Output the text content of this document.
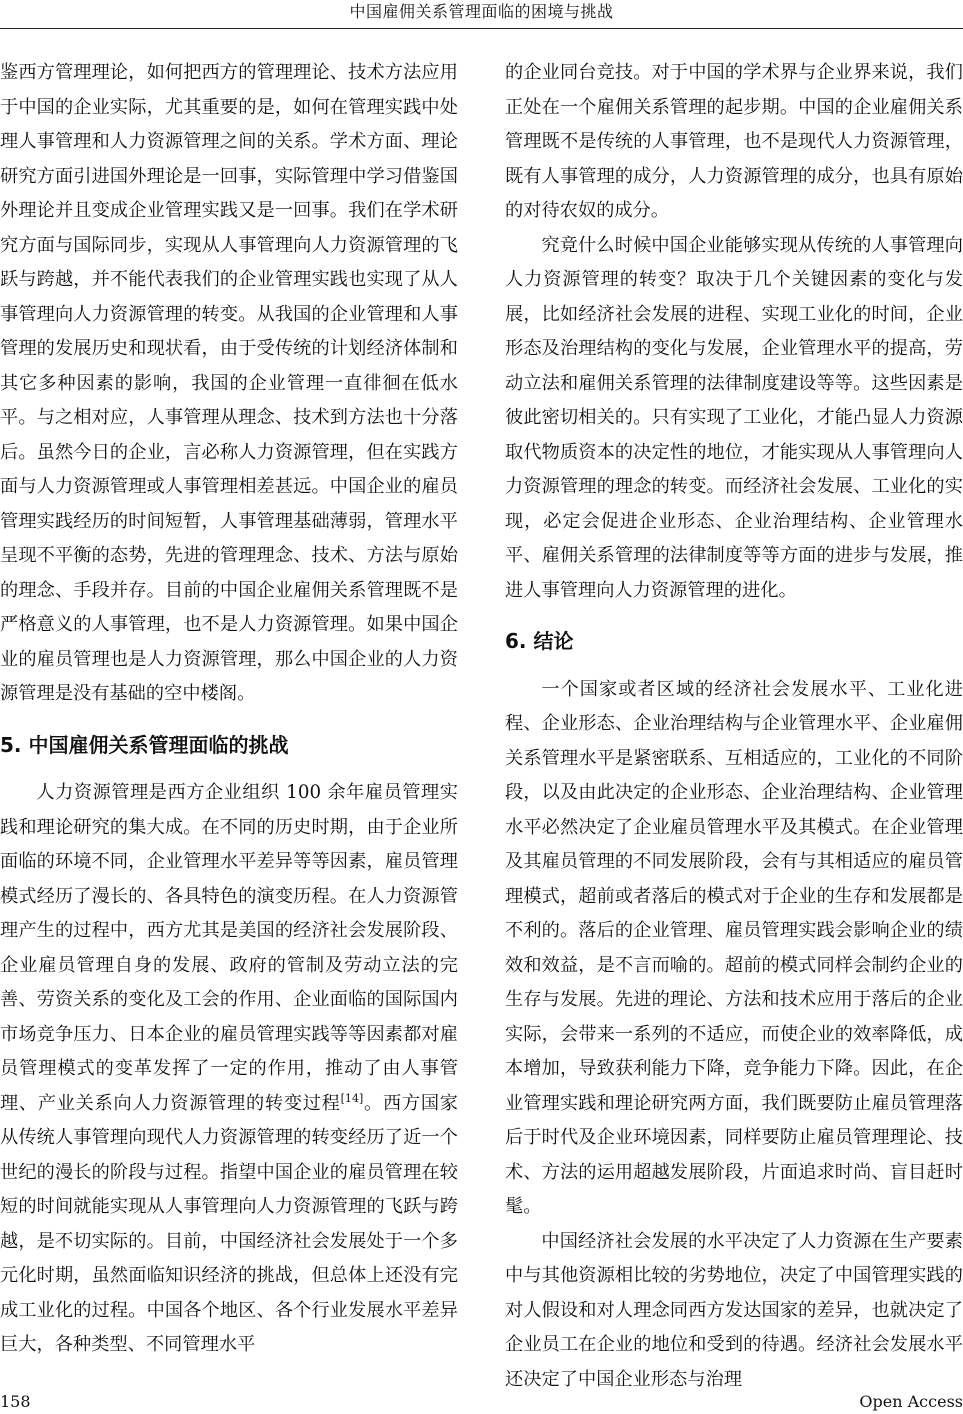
中国雇佣关系管理面临的困境与挑战

鉴西方管理理论，如何把西方的管理理论、技术方法应用于中国的企业实际，尤其重要的是，如何在管理实践中处理人事管理和人力资源管理之间的关系。学术方面、理论研究方面引进国外理论是一回事，实际管理中学习借鉴国外理论并且变成企业管理实践又是一回事。我们在学术研究方面与国际同步，实现从人事管理向人力资源管理的飞跃与跨越，并不能代表我们的企业管理实践也实现了从人事管理向人力资源管理的转变。从我国的企业管理和人事管理的发展历史和现状看，由于受传统的计划经济体制和其它多种因素的影响，我国的企业管理一直徘徊在低水平。与之相对应，人事管理从理念、技术到方法也十分落后。虽然今日的企业，言必称人力资源管理，但在实践方面与人力资源管理或人事管理相差甚远。中国企业的雇员管理实践经历的时间短暂，人事管理基础薄弱，管理水平呈现不平衡的态势，先进的管理理念、技术、方法与原始的理念、手段并存。目前的中国企业雇佣关系管理既不是严格意义的人事管理，也不是人力资源管理。如果中国企业的雇员管理也是人力资源管理，那么中国企业的人力资源管理是没有基础的空中楼阁。

5. 中国雇佣关系管理面临的挑战

人力资源管理是西方企业组织 100 余年雇员管理实践和理论研究的集大成。在不同的历史时期，由于企业所面临的环境不同，企业管理水平差异等等因素，雇员管理模式经历了漫长的、各具特色的演变历程。在人力资源管理产生的过程中，西方尤其是美国的经济社会发展阶段、企业雇员管理自身的发展、政府的管制及劳动立法的完善、劳资关系的变化及工会的作用、企业面临的国际国内市场竞争压力、日本企业的雇员管理实践等等因素都对雇员管理模式的变革发挥了一定的作用，推动了由人事管理、产业关系向人力资源管理的转变过程[14]。西方国家从传统人事管理向现代人力资源管理的转变经历了近一个世纪的漫长的阶段与过程。指望中国企业的雇员管理在较短的时间就能实现从人事管理向人力资源管理的飞跃与跨越，是不切实际的。目前，中国经济社会发展处于一个多元化时期，虽然面临知识经济的挑战，但总体上还没有完成工业化的过程。中国各个地区、各个行业发展水平差异巨大，各种类型、不同管理水平

的企业同台竞技。对于中国的学术界与企业界来说，我们正处在一个雇佣关系管理的起步期。中国的企业雇佣关系管理既不是传统的人事管理，也不是现代人力资源管理，既有人事管理的成分，人力资源管理的成分，也具有原始的对待农奴的成分。

究竟什么时候中国企业能够实现从传统的人事管理向人力资源管理的转变？取决于几个关键因素的变化与发展，比如经济社会发展的进程、实现工业化的时间，企业形态及治理结构的变化与发展，企业管理水平的提高，劳动立法和雇佣关系管理的法律制度建设等等。这些因素是彼此密切相关的。只有实现了工业化，才能凸显人力资源取代物质资本的决定性的地位，才能实现从人事管理向人力资源管理的理念的转变。而经济社会发展、工业化的实现，必定会促进企业形态、企业治理结构、企业管理水平、雇佣关系管理的法律制度等等方面的进步与发展，推进人事管理向人力资源管理的进化。

6. 结论

一个国家或者区域的经济社会发展水平、工业化进程、企业形态、企业治理结构与企业管理水平、企业雇佣关系管理水平是紧密联系、互相适应的，工业化的不同阶段，以及由此决定的企业形态、企业治理结构、企业管理水平必然决定了企业雇员管理水平及其模式。在企业管理及其雇员管理的不同发展阶段，会有与其相适应的雇员管理模式，超前或者落后的模式对于企业的生存和发展都是不利的。落后的企业管理、雇员管理实践会影响企业的绩效和效益，是不言而喻的。超前的模式同样会制约企业的生存与发展。先进的理论、方法和技术应用于落后的企业实际，会带来一系列的不适应，而使企业的效率降低，成本增加，导致获利能力下降，竞争能力下降。因此，在企业管理实践和理论研究两方面，我们既要防止雇员管理落后于时代及企业环境因素，同样要防止雇员管理理论、技术、方法的运用超越发展阶段，片面追求时尚、盲目赶时髦。

中国经济社会发展的水平决定了人力资源在生产要素中与其他资源相比较的劣势地位，决定了中国管理实践的对人假设和对人理念同西方发达国家的差异，也就决定了企业员工在企业的地位和受到的待遇。经济社会发展水平还决定了中国企业形态与治理

158	Open Access
